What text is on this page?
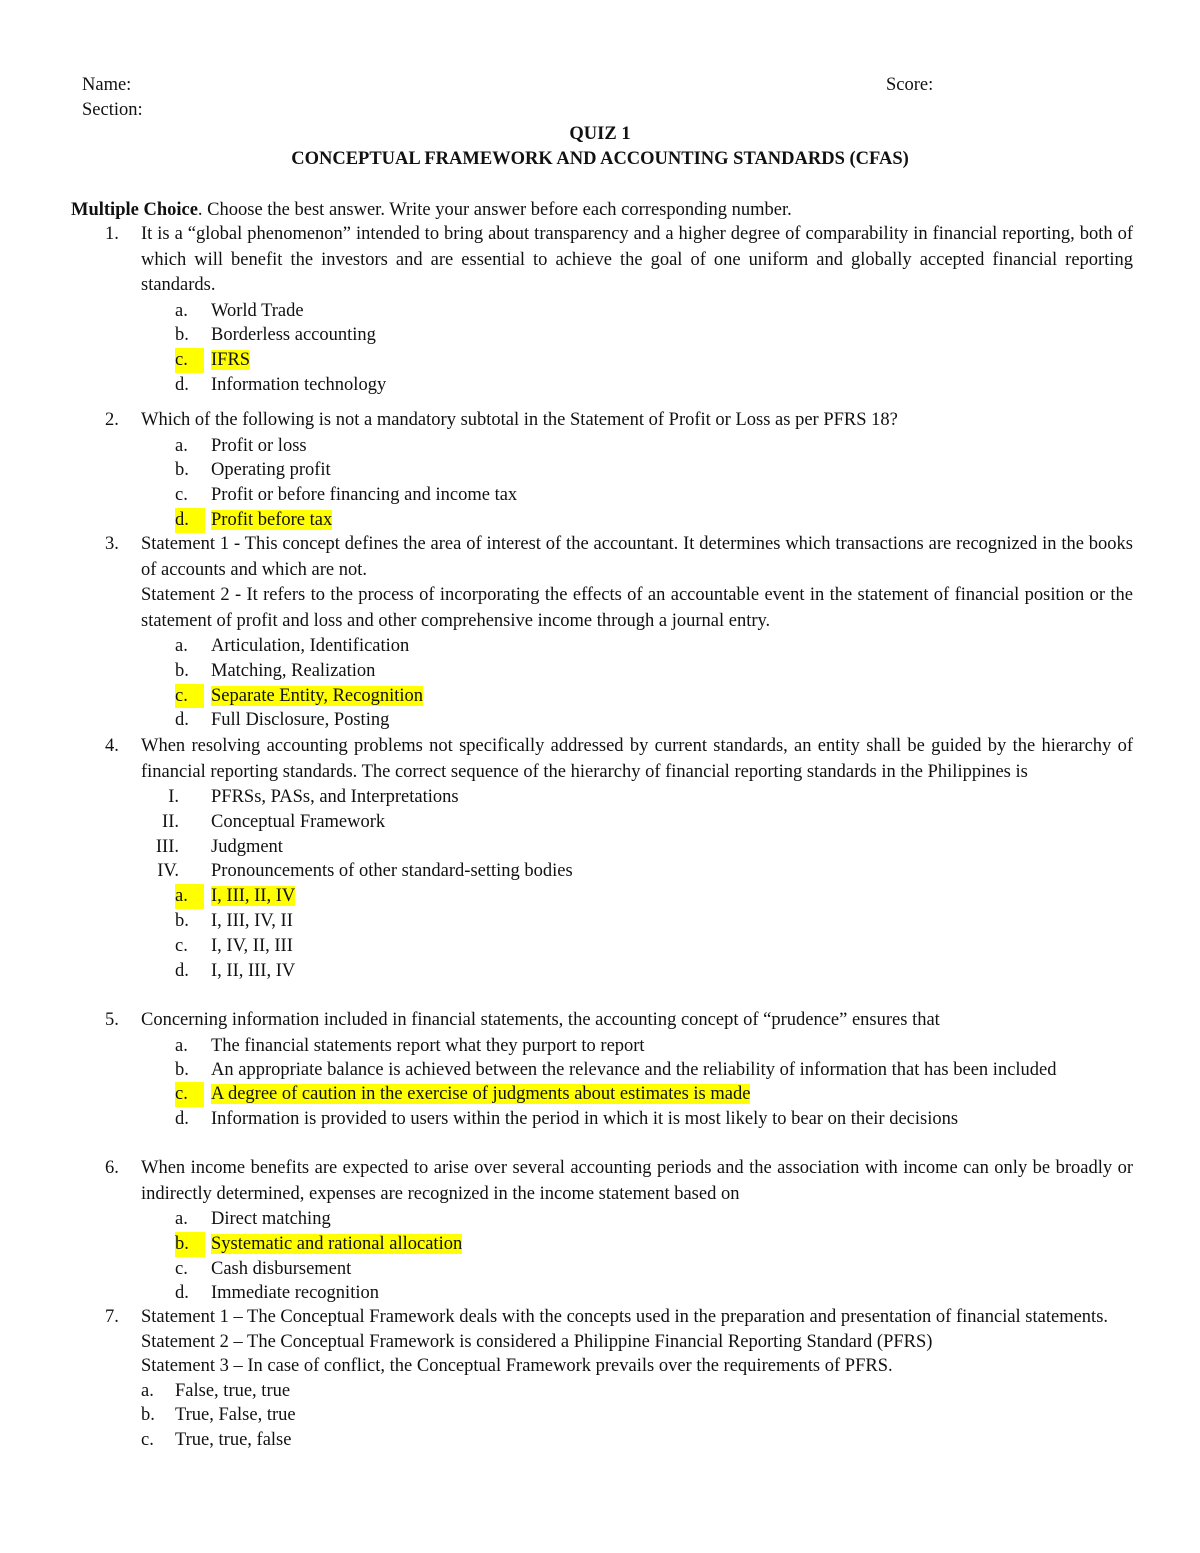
Name:
Section:
Score:
QUIZ 1
CONCEPTUAL FRAMEWORK AND ACCOUNTING STANDARDS (CFAS)
Multiple Choice. Choose the best answer. Write your answer before each corresponding number.
1. It is a “global phenomenon” intended to bring about transparency and a higher degree of comparability in financial reporting, both of which will benefit the investors and are essential to achieve the goal of one uniform and globally accepted financial reporting standards.
a. World Trade
b. Borderless accounting
c.	IFRS
d. Information technology
2. Which of the following is not a mandatory subtotal in the Statement of Profit or Loss as per PFRS 18?
a. Profit or loss
b. Operating profit
c. Profit or before financing and income tax
d.	Profit before tax
3. Statement 1 - This concept defines the area of interest of the accountant. It determines which transactions are recognized in the books of accounts and which are not.
Statement 2 - It refers to the process of incorporating the effects of an accountable event in the statement of financial position or the statement of profit and loss and other comprehensive income through a journal entry.
a. Articulation, Identification
b. Matching, Realization
c.	Separate Entity, Recognition
d. Full Disclosure, Posting
4. When resolving accounting problems not specifically addressed by current standards, an entity shall be guided by the hierarchy of financial reporting standards. The correct sequence of the hierarchy of financial reporting standards in the Philippines is
I. PFRSs, PASs, and Interpretations
II. Conceptual Framework
III. Judgment
IV. Pronouncements of other standard-setting bodies
a.	I, III, II, IV
b. I, III, IV, II
c. I, IV, II, III
d. I, II, III, IV
5. Concerning information included in financial statements, the accounting concept of “prudence” ensures that
a. The financial statements report what they purport to report
b. An appropriate balance is achieved between the relevance and the reliability of information that has been included
c.	A degree of caution in the exercise of judgments about estimates is made
d. Information is provided to users within the period in which it is most likely to bear on their decisions
6. When income benefits are expected to arise over several accounting periods and the association with income can only be broadly or indirectly determined, expenses are recognized in the income statement based on
a. Direct matching
b.	Systematic and rational allocation
c. Cash disbursement
d. Immediate recognition
7. Statement 1 – The Conceptual Framework deals with the concepts used in the preparation and presentation of financial statements.
Statement 2 – The Conceptual Framework is considered a Philippine Financial Reporting Standard (PFRS)
Statement 3 – In case of conflict, the Conceptual Framework prevails over the requirements of PFRS.
a. False, true, true
b. True, False, true
c. True, true, false
